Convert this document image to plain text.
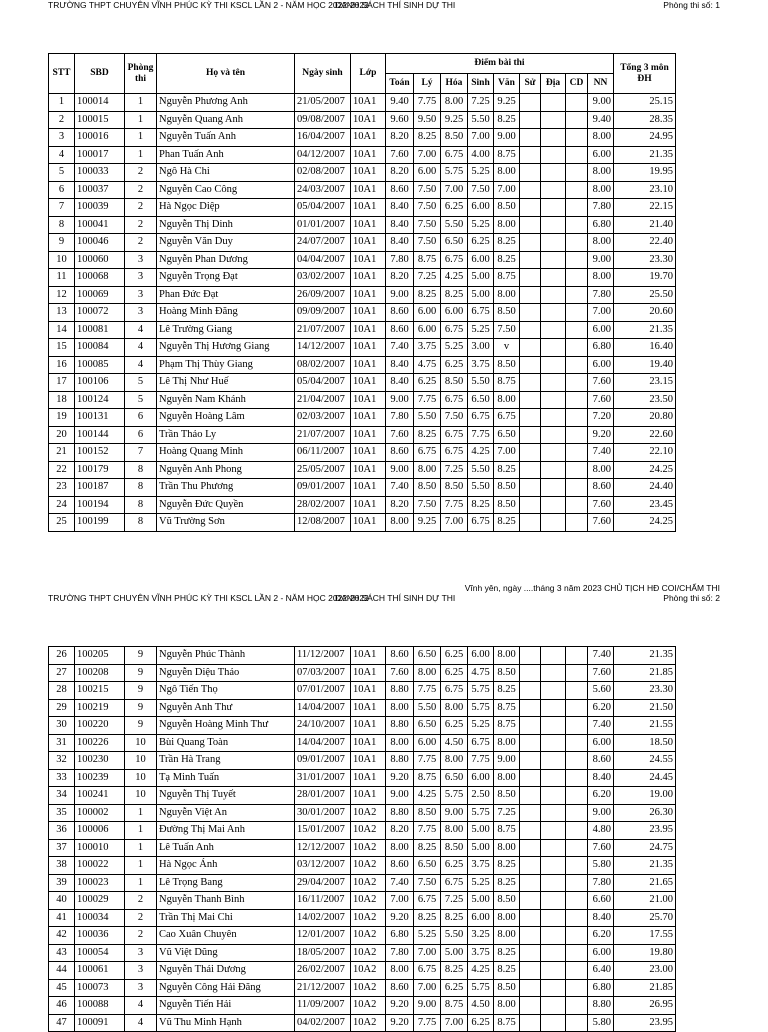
TRƯỜNG THPT CHUYÊN VĨNH PHÚC KỲ THI KSCL LẦN 2 - NĂM HỌC 2022-2023
DANH SÁCH THÍ SINH DỰ THI	Phòng thi số: 1
STT	SBD	Phòng thi	Họ và tên	Ngày sinh	Lớp	Điểm bài thi									Tổng 3 môn ĐH
						Toán	Lý	Hóa	Sinh	Văn	Sử	Địa	CD	NN	
1	100014	1	Nguyễn Phương Anh	21/05/2007	10A1	9.40	7.75	8.00	7.25	9.25				9.00	25.15
2	100015	1	Nguyễn Quang Anh	09/08/2007	10A1	9.60	9.50	9.25	5.50	8.25				9.40	28.35
3	100016	1	Nguyễn Tuấn Anh	16/04/2007	10A1	8.20	8.25	8.50	7.00	9.00				8.00	24.95
4	100017	1	Phan Tuấn Anh	04/12/2007	10A1	7.60	7.00	6.75	4.00	8.75				6.00	21.35
5	100033	2	Ngô Hà Chi	02/08/2007	10A1	8.20	6.00	5.75	5.25	8.00				8.00	19.95
6	100037	2	Nguyễn Cao Công	24/03/2007	10A1	8.60	7.50	7.00	7.50	7.00				8.00	23.10
7	100039	2	Hà Ngọc Diệp	05/04/2007	10A1	8.40	7.50	6.25	6.00	8.50				7.80	22.15
8	100041	2	Nguyễn Thị Dinh	01/01/2007	10A1	8.40	7.50	5.50	5.25	8.00				6.80	21.40
9	100046	2	Nguyễn Văn Duy	24/07/2007	10A1	8.40	7.50	6.50	6.25	8.25				8.00	22.40
10	100060	3	Nguyễn Phan Dương	04/04/2007	10A1	7.80	8.75	6.75	6.00	8.25				9.00	23.30
11	100068	3	Nguyễn Trọng Đạt	03/02/2007	10A1	8.20	7.25	4.25	5.00	8.75				8.00	19.70
12	100069	3	Phan Đức Đạt	26/09/2007	10A1	9.00	8.25	8.25	5.00	8.00				7.80	25.50
13	100072	3	Hoàng Minh Đăng	09/09/2007	10A1	8.60	6.00	6.00	6.75	8.50				7.00	20.60
14	100081	4	Lê Trường Giang	21/07/2007	10A1	8.60	6.00	6.75	5.25	7.50				6.00	21.35
15	100084	4	Nguyễn Thị Hương Giang	14/12/2007	10A1	7.40	3.75	5.25	3.00	v				6.80	16.40
16	100085	4	Phạm Thị Thùy Giang	08/02/2007	10A1	8.40	4.75	6.25	3.75	8.50				6.00	19.40
17	100106	5	Lê Thị Như Huế	05/04/2007	10A1	8.40	6.25	8.50	5.50	8.75				7.60	23.15
18	100124	5	Nguyễn Nam Khánh	21/04/2007	10A1	9.00	7.75	6.75	6.50	8.00				7.60	23.50
19	100131	6	Nguyễn Hoàng Lâm	02/03/2007	10A1	7.80	5.50	7.50	6.75	6.75				7.20	20.80
20	100144	6	Trần Thảo Ly	21/07/2007	10A1	7.60	8.25	6.75	7.75	6.50				9.20	22.60
21	100152	7	Hoàng Quang Minh	06/11/2007	10A1	8.60	6.75	6.75	4.25	7.00				7.40	22.10
22	100179	8	Nguyễn Anh Phong	25/05/2007	10A1	9.00	8.00	7.25	5.50	8.25				8.00	24.25
23	100187	8	Trần Thu Phương	09/01/2007	10A1	7.40	8.50	8.50	5.50	8.50				8.60	24.40
24	100194	8	Nguyễn Đức Quyền	28/02/2007	10A1	8.20	7.50	7.75	8.25	8.50				7.60	23.45
25	100199	8	Vũ Trường Sơn	12/08/2007	10A1	8.00	9.25	7.00	6.75	8.25				7.60	24.25
Vĩnh yên, ngày ....tháng 3 năm 2023 CHỦ TỊCH HĐ COI/CHẤM THI
TRƯỜNG THPT CHUYÊN VĨNH PHÚC KỲ THI KSCL LẦN 2 - NĂM HỌC 2022-2023
DANH SÁCH THÍ SINH DỰ THI	Phòng thi số: 2
26	100205	9	Nguyễn Phúc Thành	11/12/2007	10A1	8.60	6.50	6.25	6.00	8.00				7.40	21.35
27	100208	9	Nguyễn Diệu Thảo	07/03/2007	10A1	7.60	8.00	6.25	4.75	8.50				7.60	21.85
28	100215	9	Ngô Tiến Thọ	07/01/2007	10A1	8.80	7.75	6.75	5.75	8.25				5.60	23.30
29	100219	9	Nguyễn Anh Thư	14/04/2007	10A1	8.00	5.50	8.00	5.75	8.75				6.20	21.50
30	100220	9	Nguyễn Hoàng Minh Thư	24/10/2007	10A1	8.80	6.50	6.25	5.25	8.75				7.40	21.55
31	100226	10	Bùi Quang Toàn	14/04/2007	10A1	8.00	6.00	4.50	6.75	8.00				6.00	18.50
32	100230	10	Trần Hà Trang	09/01/2007	10A1	8.80	7.75	8.00	7.75	9.00				8.60	24.55
33	100239	10	Tạ Minh Tuấn	31/01/2007	10A1	9.20	8.75	6.50	6.00	8.00				8.40	24.45
34	100241	10	Nguyễn Thị Tuyết	28/01/2007	10A1	9.00	4.25	5.75	2.50	8.50				6.20	19.00
35	100002	1	Nguyễn Việt An	30/01/2007	10A2	8.80	8.50	9.00	5.75	7.25				9.00	26.30
36	100006	1	Đường Thị Mai Anh	15/01/2007	10A2	8.20	7.75	8.00	5.00	8.75				4.80	23.95
37	100010	1	Lê Tuấn Anh	12/12/2007	10A2	8.00	8.25	8.50	5.00	8.00				7.60	24.75
38	100022	1	Hà Ngọc Ánh	03/12/2007	10A2	8.60	6.50	6.25	3.75	8.25				5.80	21.35
39	100023	1	Lê Trọng Bang	29/04/2007	10A2	7.40	7.50	6.75	5.25	8.25				7.80	21.65
40	100029	2	Nguyễn Thanh Bình	16/11/2007	10A2	7.00	6.75	7.25	5.00	8.50				6.60	21.00
41	100034	2	Trần Thị Mai Chi	14/02/2007	10A2	9.20	8.25	8.25	6.00	8.00				8.40	25.70
42	100036	2	Cao Xuân Chuyên	12/01/2007	10A2	6.80	5.25	5.50	3.25	8.00				6.20	17.55
43	100054	3	Vũ Việt Dũng	18/05/2007	10A2	7.80	7.00	5.00	3.75	8.25				6.00	19.80
44	100061	3	Nguyễn Thái Dương	26/02/2007	10A2	8.00	6.75	8.25	4.25	8.25				6.40	23.00
45	100073	3	Nguyễn Công Hải Đăng	21/12/2007	10A2	8.60	7.00	6.25	5.75	8.50				6.80	21.85
46	100088	4	Nguyễn Tiến Hải	11/09/2007	10A2	9.20	9.00	8.75	4.50	8.00				8.80	26.95
47	100091	4	Vũ Thu Minh Hạnh	04/02/2007	10A2	9.20	7.75	7.00	6.25	8.75				5.80	23.95
